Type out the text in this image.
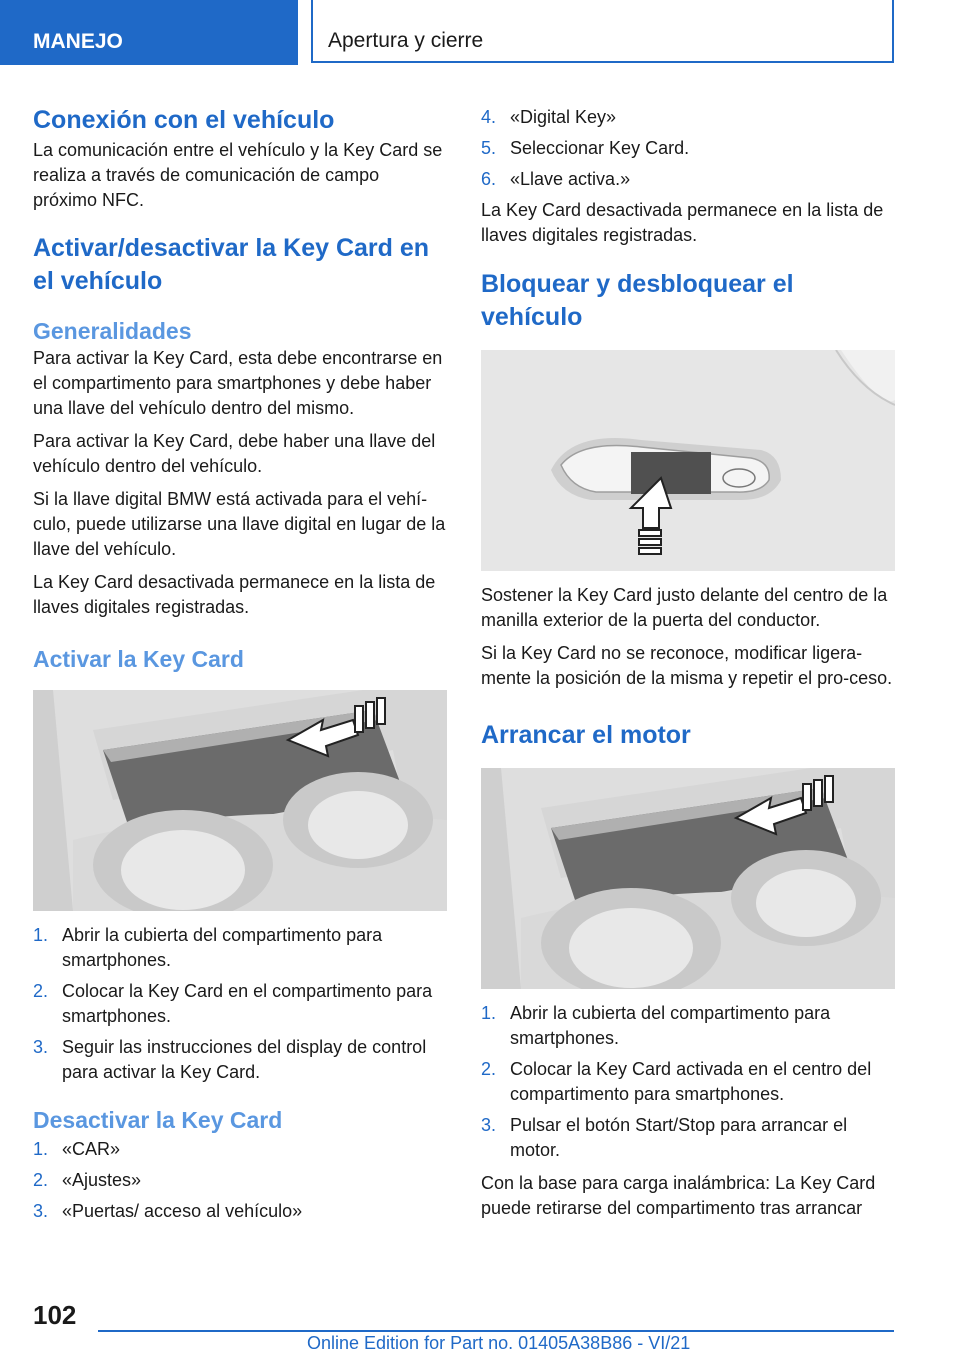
MANEJO	Apertura y cierre
Conexión con el vehículo

La comunicación entre el vehículo y la Key Card se realiza a través de comunicación de campo próximo NFC.

Activar/desactivar la Key Card en el vehículo
Generalidades

Para activar la Key Card, esta debe encontrarse en el compartimento para smartphones y debe haber una llave del vehículo dentro del mismo.

Para activar la Key Card, debe haber una llave del vehículo dentro del vehículo.

Si la llave digital BMW está activada para el vehí‐culo, puede utilizarse una llave digital en lugar de la llave del vehículo.

La Key Card desactivada permanece en la lista de llaves digitales registradas.

Activar la Key Card
1. Abrir la cubierta del compartimento para smartphones.
2. Colocar la Key Card en el compartimento para smartphones.
3. Seguir las instrucciones del display de control para activar la Key Card.
Desactivar la Key Card
1. «CAR»
2. «Ajustes»
3. «Puertas/ acceso al vehículo»
4. «Digital Key»
5. Seleccionar Key Card.
6. «Llave activa.»

La Key Card desactivada permanece en la lista de llaves digitales registradas.

Bloquear y desbloquear el vehículo

Sostener la Key Card justo delante del centro de la manilla exterior de la puerta del conductor.

Si la Key Card no se reconoce, modificar ligera‐mente la posición de la misma y repetir el pro‐ceso.

Arrancar el motor
1. Abrir la cubierta del compartimento para smartphones.
2. Colocar la Key Card activada en el centro del compartimento para smartphones.
3. Pulsar el botón Start/Stop para arrancar el motor.

Con la base para carga inalámbrica: La Key Card puede retirarse del compartimento tras arrancar

102
Online Edition for Part no. 01405A38B86 - VI/21
